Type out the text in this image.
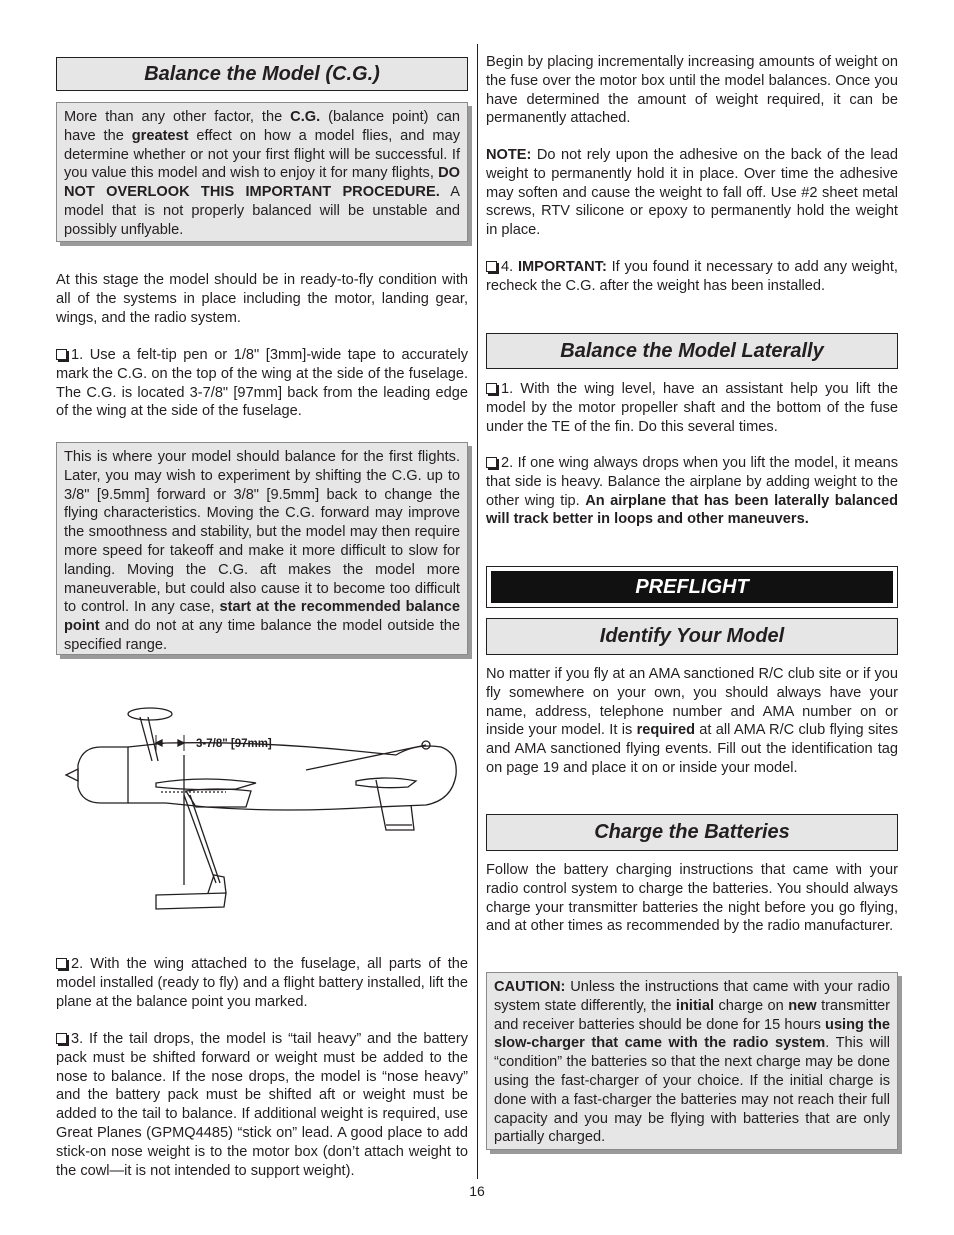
Balance the Model (C.G.)
More than any other factor, the C.G. (balance point) can have the greatest effect on how a model flies, and may determine whether or not your first flight will be successful. If you value this model and wish to enjoy it for many flights, DO NOT OVERLOOK THIS IMPORTANT PROCEDURE. A model that is not properly balanced will be unstable and possibly unflyable.
At this stage the model should be in ready-to-fly condition with all of the systems in place including the motor, landing gear, wings, and the radio system.
1. Use a felt-tip pen or 1/8" [3mm]-wide tape to accurately mark the C.G. on the top of the wing at the side of the fuselage. The C.G. is located 3-7/8" [97mm] back from the leading edge of the wing at the side of the fuselage.
This is where your model should balance for the first flights. Later, you may wish to experiment by shifting the C.G. up to 3/8" [9.5mm] forward or 3/8" [9.5mm] back to change the flying characteristics. Moving the C.G. forward may improve the smoothness and stability, but the model may then require more speed for takeoff and make it more difficult to slow for landing. Moving the C.G. aft makes the model more maneuverable, but could also cause it to become too difficult to control. In any case, start at the recommended balance point and do not at any time balance the model outside the specified range.
3-7/8" [97mm]
2. With the wing attached to the fuselage, all parts of the model installed (ready to fly) and a flight battery installed, lift the plane at the balance point you marked.
3. If the tail drops, the model is “tail heavy” and the battery pack must be shifted forward or weight must be added to the nose to balance. If the nose drops, the model is “nose heavy” and the battery pack must be shifted aft or weight must be added to the tail to balance. If additional weight is required, use Great Planes (GPMQ4485) “stick on” lead. A good place to add stick-on nose weight is to the motor box (don’t attach weight to the cowl—it is not intended to support weight).
Begin by placing incrementally increasing amounts of weight on the fuse over the motor box until the model balances. Once you have determined the amount of weight required, it can be permanently attached.
NOTE: Do not rely upon the adhesive on the back of the lead weight to permanently hold it in place. Over time the adhesive may soften and cause the weight to fall off. Use #2 sheet metal screws, RTV silicone or epoxy to permanently hold the weight in place.
4. IMPORTANT: If you found it necessary to add any weight, recheck the C.G. after the weight has been installed.
Balance the Model Laterally
1. With the wing level, have an assistant help you lift the model by the motor propeller shaft and the bottom of the fuse under the TE of the fin. Do this several times.
2. If one wing always drops when you lift the model, it means that side is heavy. Balance the airplane by adding weight to the other wing tip. An airplane that has been laterally balanced will track better in loops and other maneuvers.
PREFLIGHT
Identify Your Model
No matter if you fly at an AMA sanctioned R/C club site or if you fly somewhere on your own, you should always have your name, address, telephone number and AMA number on or inside your model. It is required at all AMA R/C club flying sites and AMA sanctioned flying events. Fill out the identification tag on page 19 and place it on or inside your model.
Charge the Batteries
Follow the battery charging instructions that came with your radio control system to charge the batteries. You should always charge your transmitter batteries the night before you go flying, and at other times as recommended by the radio manufacturer.
CAUTION: Unless the instructions that came with your radio system state differently, the initial charge on new transmitter and receiver batteries should be done for 15 hours using the slow-charger that came with the radio system. This will “condition” the batteries so that the next charge may be done using the fast-charger of your choice. If the initial charge is done with a fast-charger the batteries may not reach their full capacity and you may be flying with batteries that are only partially charged.
16
